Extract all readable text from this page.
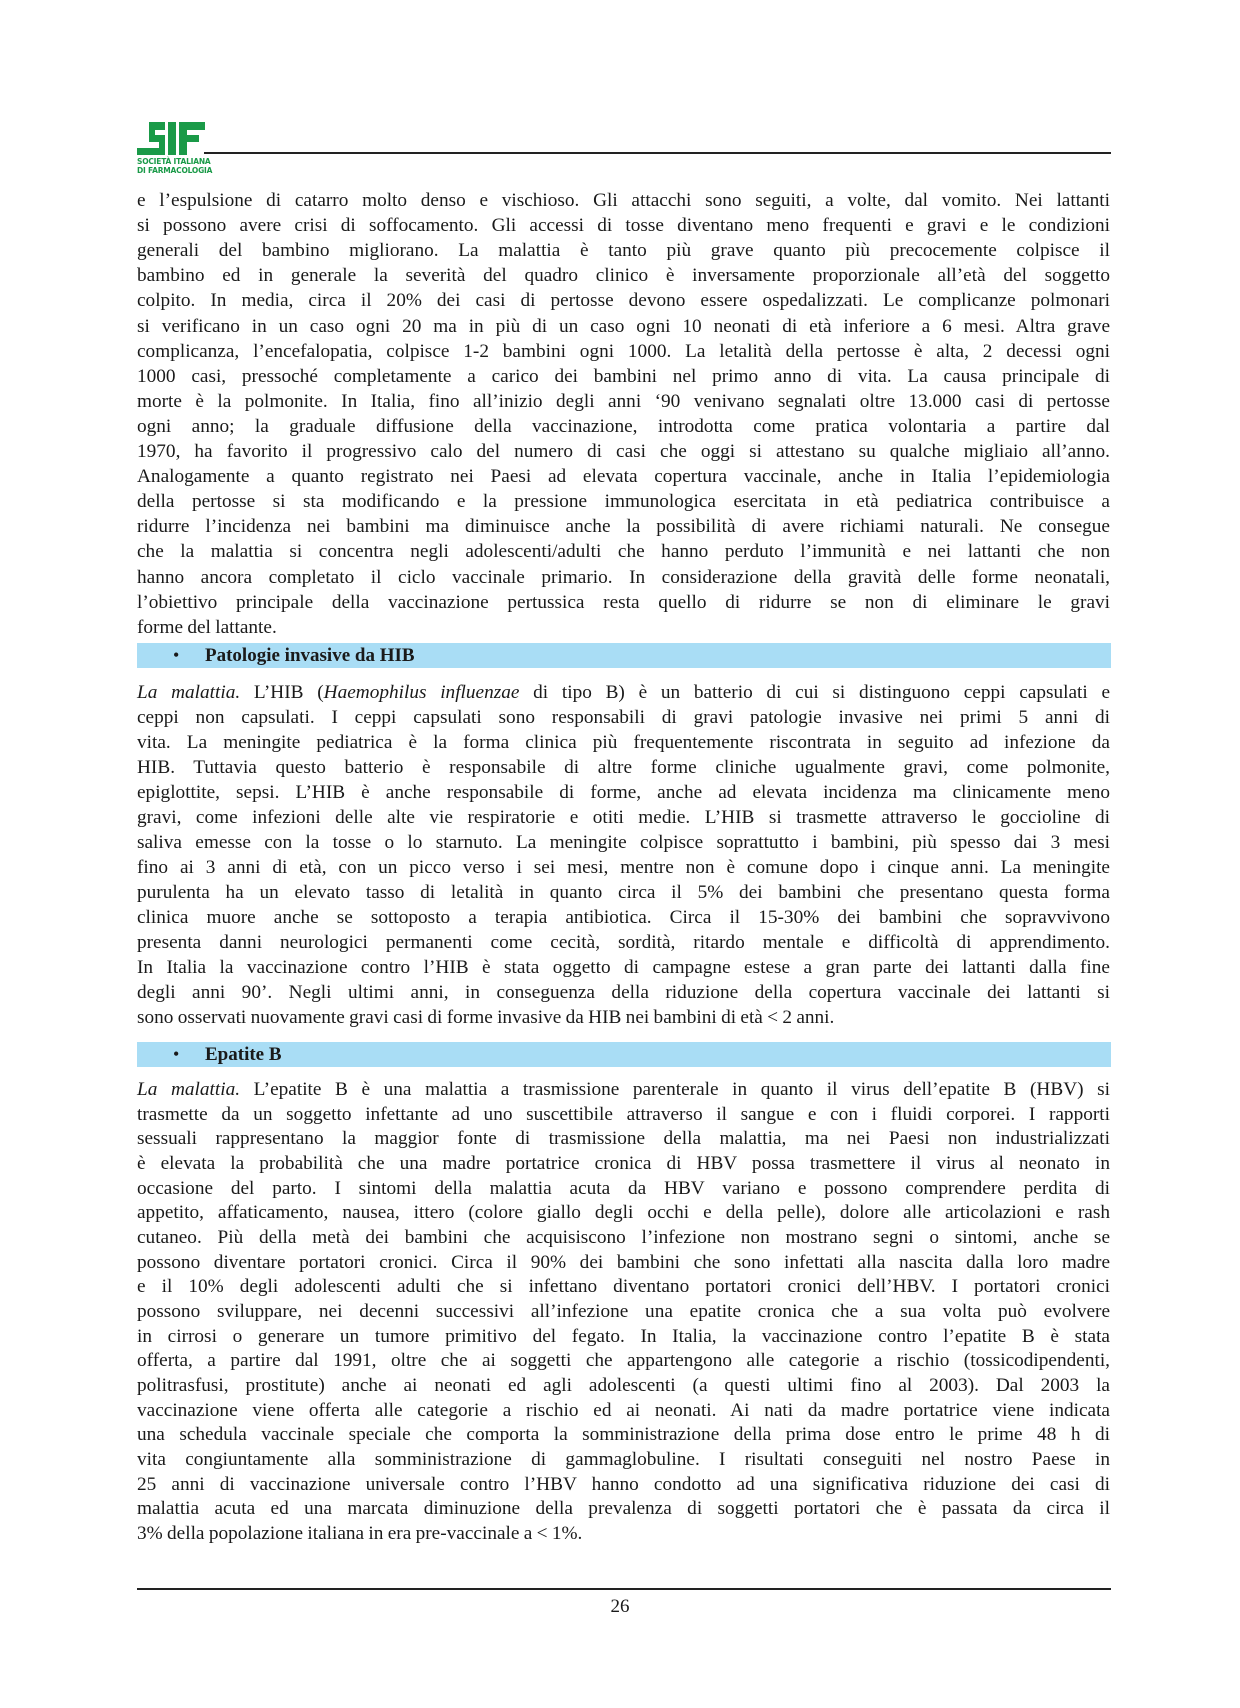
SOCIETÀ ITALIANA
DI FARMACOLOGIA
e l’espulsione di catarro molto denso e vischioso. Gli attacchi sono seguiti, a volte, dal vomito. Nei lattanti
si possono avere crisi di soffocamento. Gli accessi di tosse diventano meno frequenti e gravi e le condizioni
generali del bambino migliorano. La malattia è tanto più grave quanto più precocemente colpisce il
bambino ed in generale la severità del quadro clinico è inversamente proporzionale all’età del soggetto
colpito. In media, circa il 20% dei casi di pertosse devono essere ospedalizzati. Le complicanze polmonari
si verificano in un caso ogni 20 ma in più di un caso ogni 10 neonati di età inferiore a 6 mesi. Altra grave
complicanza, l’encefalopatia, colpisce 1-2 bambini ogni 1000. La letalità della pertosse è alta, 2 decessi ogni
1000 casi, pressoché completamente a carico dei bambini nel primo anno di vita. La causa principale di
morte è la polmonite. In Italia, fino all’inizio degli anni ‘90 venivano segnalati oltre 13.000 casi di pertosse
ogni anno; la graduale diffusione della vaccinazione, introdotta come pratica volontaria a partire dal
1970, ha favorito il progressivo calo del numero di casi che oggi si attestano su qualche migliaio all’anno.
Analogamente a quanto registrato nei Paesi ad elevata copertura vaccinale, anche in Italia l’epidemiologia
della pertosse si sta modificando e la pressione immunologica esercitata in età pediatrica contribuisce a
ridurre l’incidenza nei bambini ma diminuisce anche la possibilità di avere richiami naturali. Ne consegue
che la malattia si concentra negli adolescenti/adulti che hanno perduto l’immunità e nei lattanti che non
hanno ancora completato il ciclo vaccinale primario. In considerazione della gravità delle forme neonatali,
l’obiettivo principale della vaccinazione pertussica resta quello di ridurre se non di eliminare le gravi
forme del lattante.
• Patologie invasive da HIB
La malattia. L’HIB (Haemophilus influenzae di tipo B) è un batterio di cui si distinguono ceppi capsulati e
ceppi non capsulati. I ceppi capsulati sono responsabili di gravi patologie invasive nei primi 5 anni di
vita. La meningite pediatrica è la forma clinica più frequentemente riscontrata in seguito ad infezione da
HIB. Tuttavia questo batterio è responsabile di altre forme cliniche ugualmente gravi, come polmonite,
epiglottite, sepsi. L’HIB è anche responsabile di forme, anche ad elevata incidenza ma clinicamente meno
gravi, come infezioni delle alte vie respiratorie e otiti medie. L’HIB si trasmette attraverso le goccioline di
saliva emesse con la tosse o lo starnuto. La meningite colpisce soprattutto i bambini, più spesso dai 3 mesi
fino ai 3 anni di età, con un picco verso i sei mesi, mentre non è comune dopo i cinque anni. La meningite
purulenta ha un elevato tasso di letalità in quanto circa il 5% dei bambini che presentano questa forma
clinica muore anche se sottoposto a terapia antibiotica. Circa il 15-30% dei bambini che sopravvivono
presenta danni neurologici permanenti come cecità, sordità, ritardo mentale e difficoltà di apprendimento.
In Italia la vaccinazione contro l’HIB è stata oggetto di campagne estese a gran parte dei lattanti dalla fine
degli anni 90’. Negli ultimi anni, in conseguenza della riduzione della copertura vaccinale dei lattanti si
sono osservati nuovamente gravi casi di forme invasive da HIB nei bambini di età < 2 anni.
• Epatite B
La malattia. L’epatite B è una malattia a trasmissione parenterale in quanto il virus dell’epatite B (HBV) si
trasmette da un soggetto infettante ad uno suscettibile attraverso il sangue e con i fluidi corporei. I rapporti
sessuali rappresentano la maggior fonte di trasmissione della malattia, ma nei Paesi non industrializzati
è elevata la probabilità che una madre portatrice cronica di HBV possa trasmettere il virus al neonato in
occasione del parto. I sintomi della malattia acuta da HBV variano e possono comprendere perdita di
appetito, affaticamento, nausea, ittero (colore giallo degli occhi e della pelle), dolore alle articolazioni e rash
cutaneo. Più della metà dei bambini che acquisiscono l’infezione non mostrano segni o sintomi, anche se
possono diventare portatori cronici. Circa il 90% dei bambini che sono infettati alla nascita dalla loro madre
e il 10% degli adolescenti adulti che si infettano diventano portatori cronici dell’HBV. I portatori cronici
possono sviluppare, nei decenni successivi all’infezione una epatite cronica che a sua volta può evolvere
in cirrosi o generare un tumore primitivo del fegato. In Italia, la vaccinazione contro l’epatite B è stata
offerta, a partire dal 1991, oltre che ai soggetti che appartengono alle categorie a rischio (tossicodipendenti,
politrasfusi, prostitute) anche ai neonati ed agli adolescenti (a questi ultimi fino al 2003). Dal 2003 la
vaccinazione viene offerta alle categorie a rischio ed ai neonati. Ai nati da madre portatrice viene indicata
una schedula vaccinale speciale che comporta la somministrazione della prima dose entro le prime 48 h di
vita congiuntamente alla somministrazione di gammaglobuline. I risultati conseguiti nel nostro Paese in
25 anni di vaccinazione universale contro l’HBV hanno condotto ad una significativa riduzione dei casi di
malattia acuta ed una marcata diminuzione della prevalenza di soggetti portatori che è passata da circa il
3% della popolazione italiana in era pre-vaccinale a < 1%.
26
